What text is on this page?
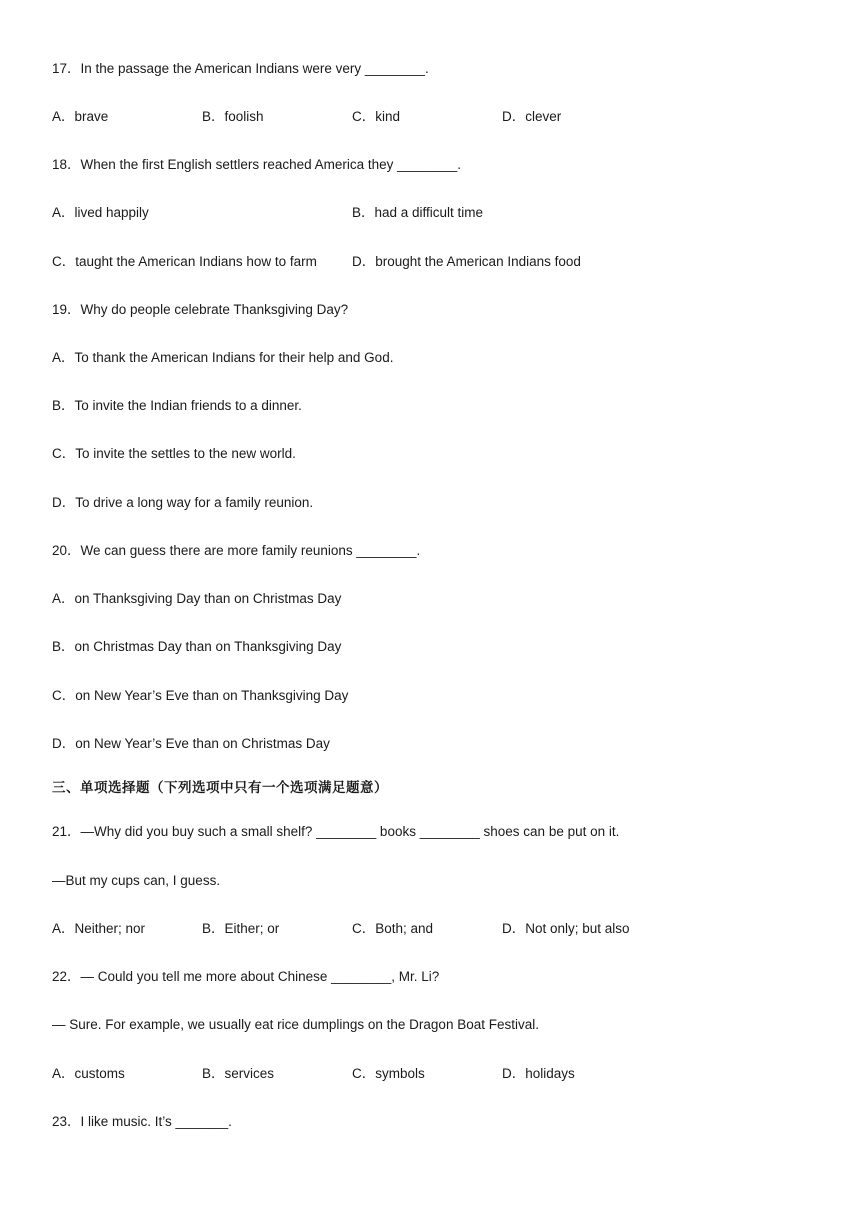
17．In the passage the American Indians were very ________.
A．brave	B．foolish	C．kind	D．clever
18．When the first English settlers reached America they ________.
A．lived happily	B．had a difficult time
C．taught the American Indians how to farm	D．brought the American Indians food
19．Why do people celebrate Thanksgiving Day?
A．To thank the American Indians for their help and God.
B．To invite the Indian friends to a dinner.
C．To invite the settles to the new world.
D．To drive a long way for a family reunion.
20．We can guess there are more family reunions ________.
A．on Thanksgiving Day than on Christmas Day
B．on Christmas Day than on Thanksgiving Day
C．on New Year’s Eve than on Thanksgiving Day
D．on New Year’s Eve than on Christmas Day
三、单项选择题（下列选项中只有一个选项满足题意）
21．—Why did you buy such a small shelf? ________ books ________ shoes can be put on it.
—But my cups can, I guess.
A．Neither; nor	B．Either; or	C．Both; and	D．Not only; but also
22．— Could you tell me more about Chinese ________, Mr. Li?
— Sure. For example, we usually eat rice dumplings on the Dragon Boat Festival.
A．customs	B．services	C．symbols	D．holidays
23．I like music. It’s _______.
